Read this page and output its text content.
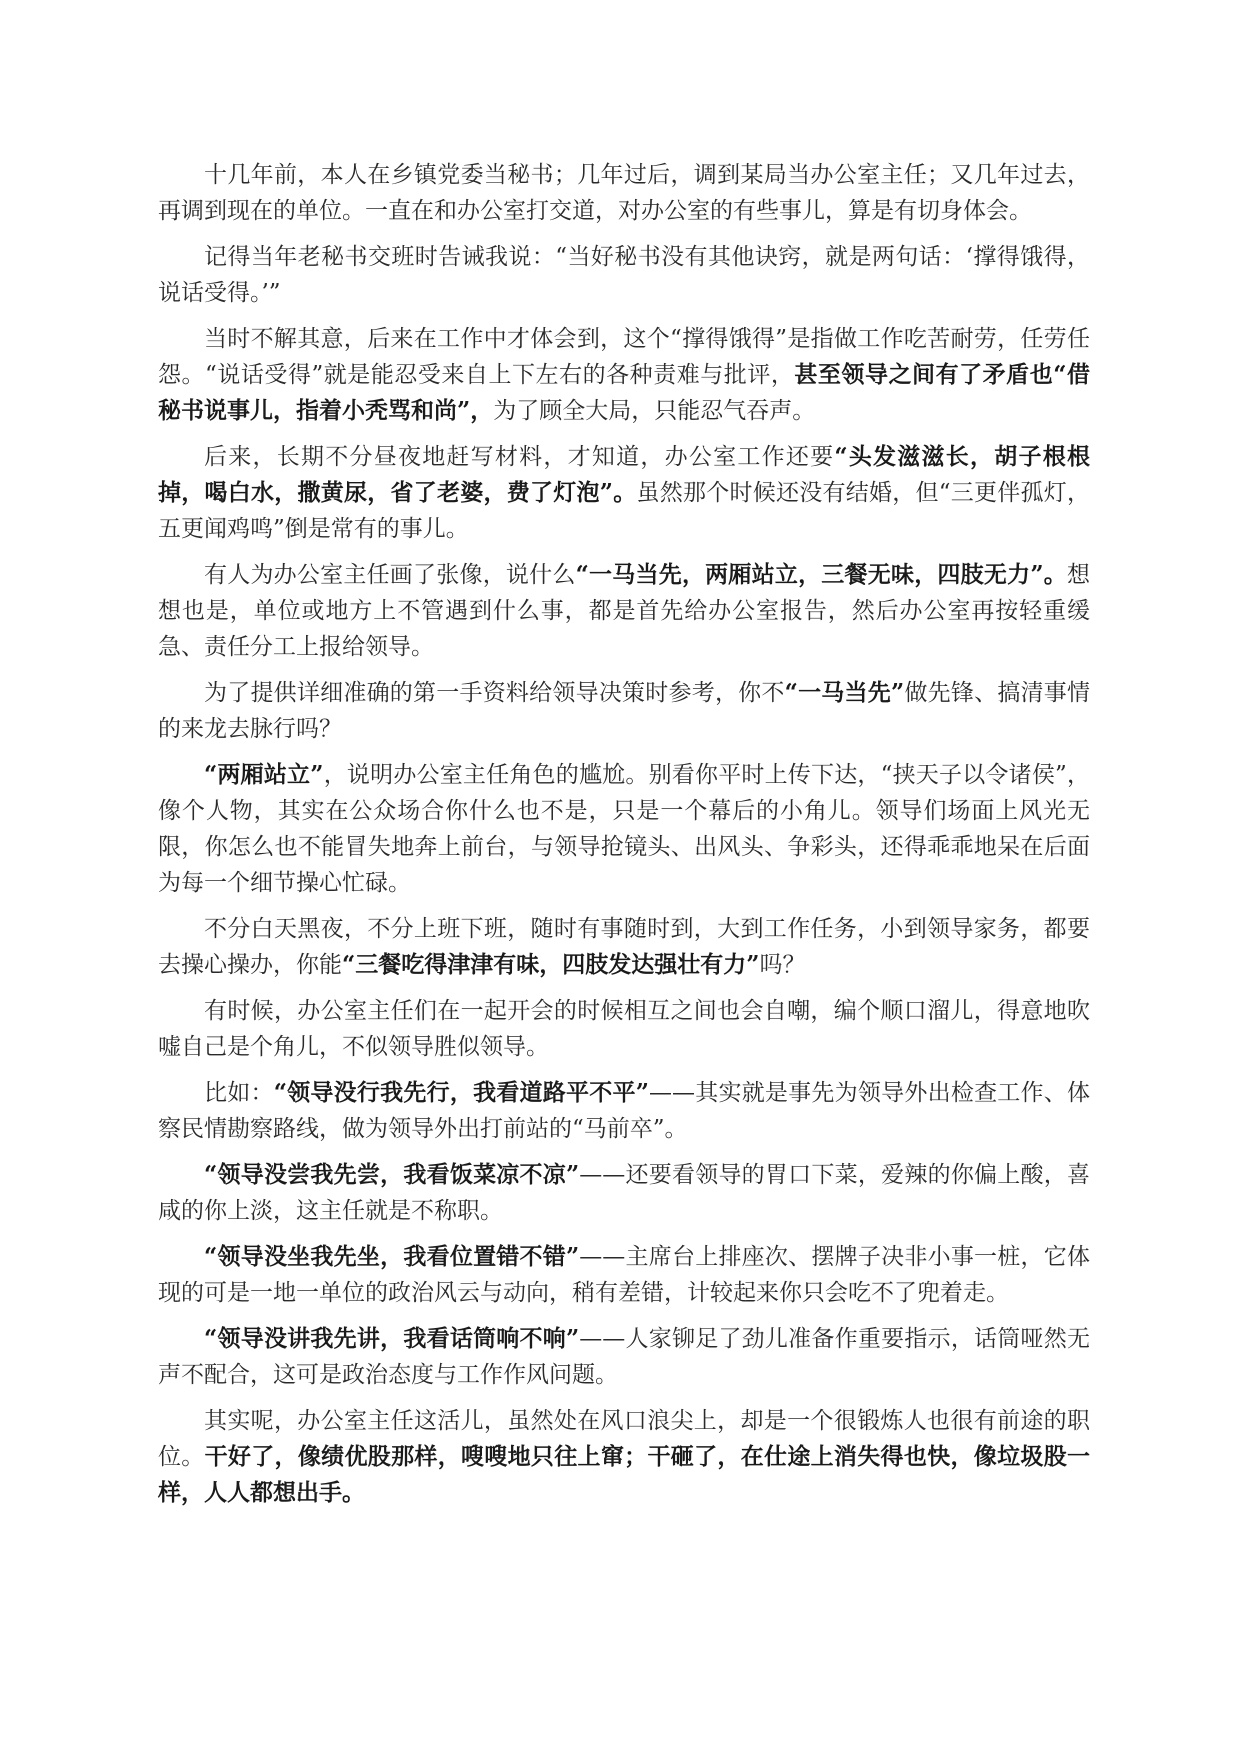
十几年前，本人在乡镇党委当秘书；几年过后，调到某局当办公室主任；又几年过去，再调到现在的单位。一直在和办公室打交道，对办公室的有些事儿，算是有切身体会。

记得当年老秘书交班时告诫我说：“当好秘书没有其他诀窍，就是两句话：‘撑得饿得，说话受得。’”

当时不解其意，后来在工作中才体会到，这个“撑得饿得”是指做工作吃苦耐劳，任劳任怨。“说话受得”就是能忍受来自上下左右的各种责难与批评，甚至领导之间有了矛盾也“借秘书说事儿，指着小秃骂和尚”，为了顾全大局，只能忍气吞声。

后来，长期不分昼夜地赶写材料，才知道，办公室工作还要“头发滋滋长，胡子根根掉，喝白水，撒黄尿，省了老婆，费了灯泡”。虽然那个时候还没有结婚，但“三更伴孤灯，五更闻鸡鸣”倒是常有的事儿。

有人为办公室主任画了张像，说什么“一马当先，两厢站立，三餐无味，四肢无力”。想想也是，单位或地方上不管遇到什么事，都是首先给办公室报告，然后办公室再按轻重缓急、责任分工上报给领导。

为了提供详细准确的第一手资料给领导决策时参考，你不“一马当先”做先锋、搞清事情的来龙去脉行吗？

“两厢站立”，说明办公室主任角色的尴尬。别看你平时上传下达，“挟天子以令诸侯”，像个人物，其实在公众场合你什么也不是，只是一个幕后的小角儿。领导们场面上风光无限，你怎么也不能冒失地奔上前台，与领导抢镜头、出风头、争彩头，还得乖乖地呆在后面为每一个细节操心忙碌。

不分白天黑夜，不分上班下班，随时有事随时到，大到工作任务，小到领导家务，都要去操心操办，你能“三餐吃得津津有味，四肢发达强壮有力”吗？

有时候，办公室主任们在一起开会的时候相互之间也会自嘲，编个顺口溜儿，得意地吹嘘自己是个角儿，不似领导胜似领导。

比如：“领导没行我先行，我看道路平不平”——其实就是事先为领导外出检查工作、体察民情勘察路线，做为领导外出打前站的“马前卒”。

“领导没尝我先尝，我看饭菜凉不凉”——还要看领导的胃口下菜，爱辣的你偏上酸，喜咸的你上淡，这主任就是不称职。

“领导没坐我先坐，我看位置错不错”——主席台上排座次、摆牌子决非小事一桩，它体现的可是一地一单位的政治风云与动向，稍有差错，计较起来你只会吃不了兜着走。

“领导没讲我先讲，我看话筒响不响”——人家铆足了劲儿准备作重要指示，话筒哑然无声不配合，这可是政治态度与工作作风问题。

其实呢，办公室主任这活儿，虽然处在风口浪尖上，却是一个很锻炼人也很有前途的职位。干好了，像绩优股那样，嗖嗖地只往上窜；干砸了，在仕途上消失得也快，像垃圾股一样，人人都想出手。
